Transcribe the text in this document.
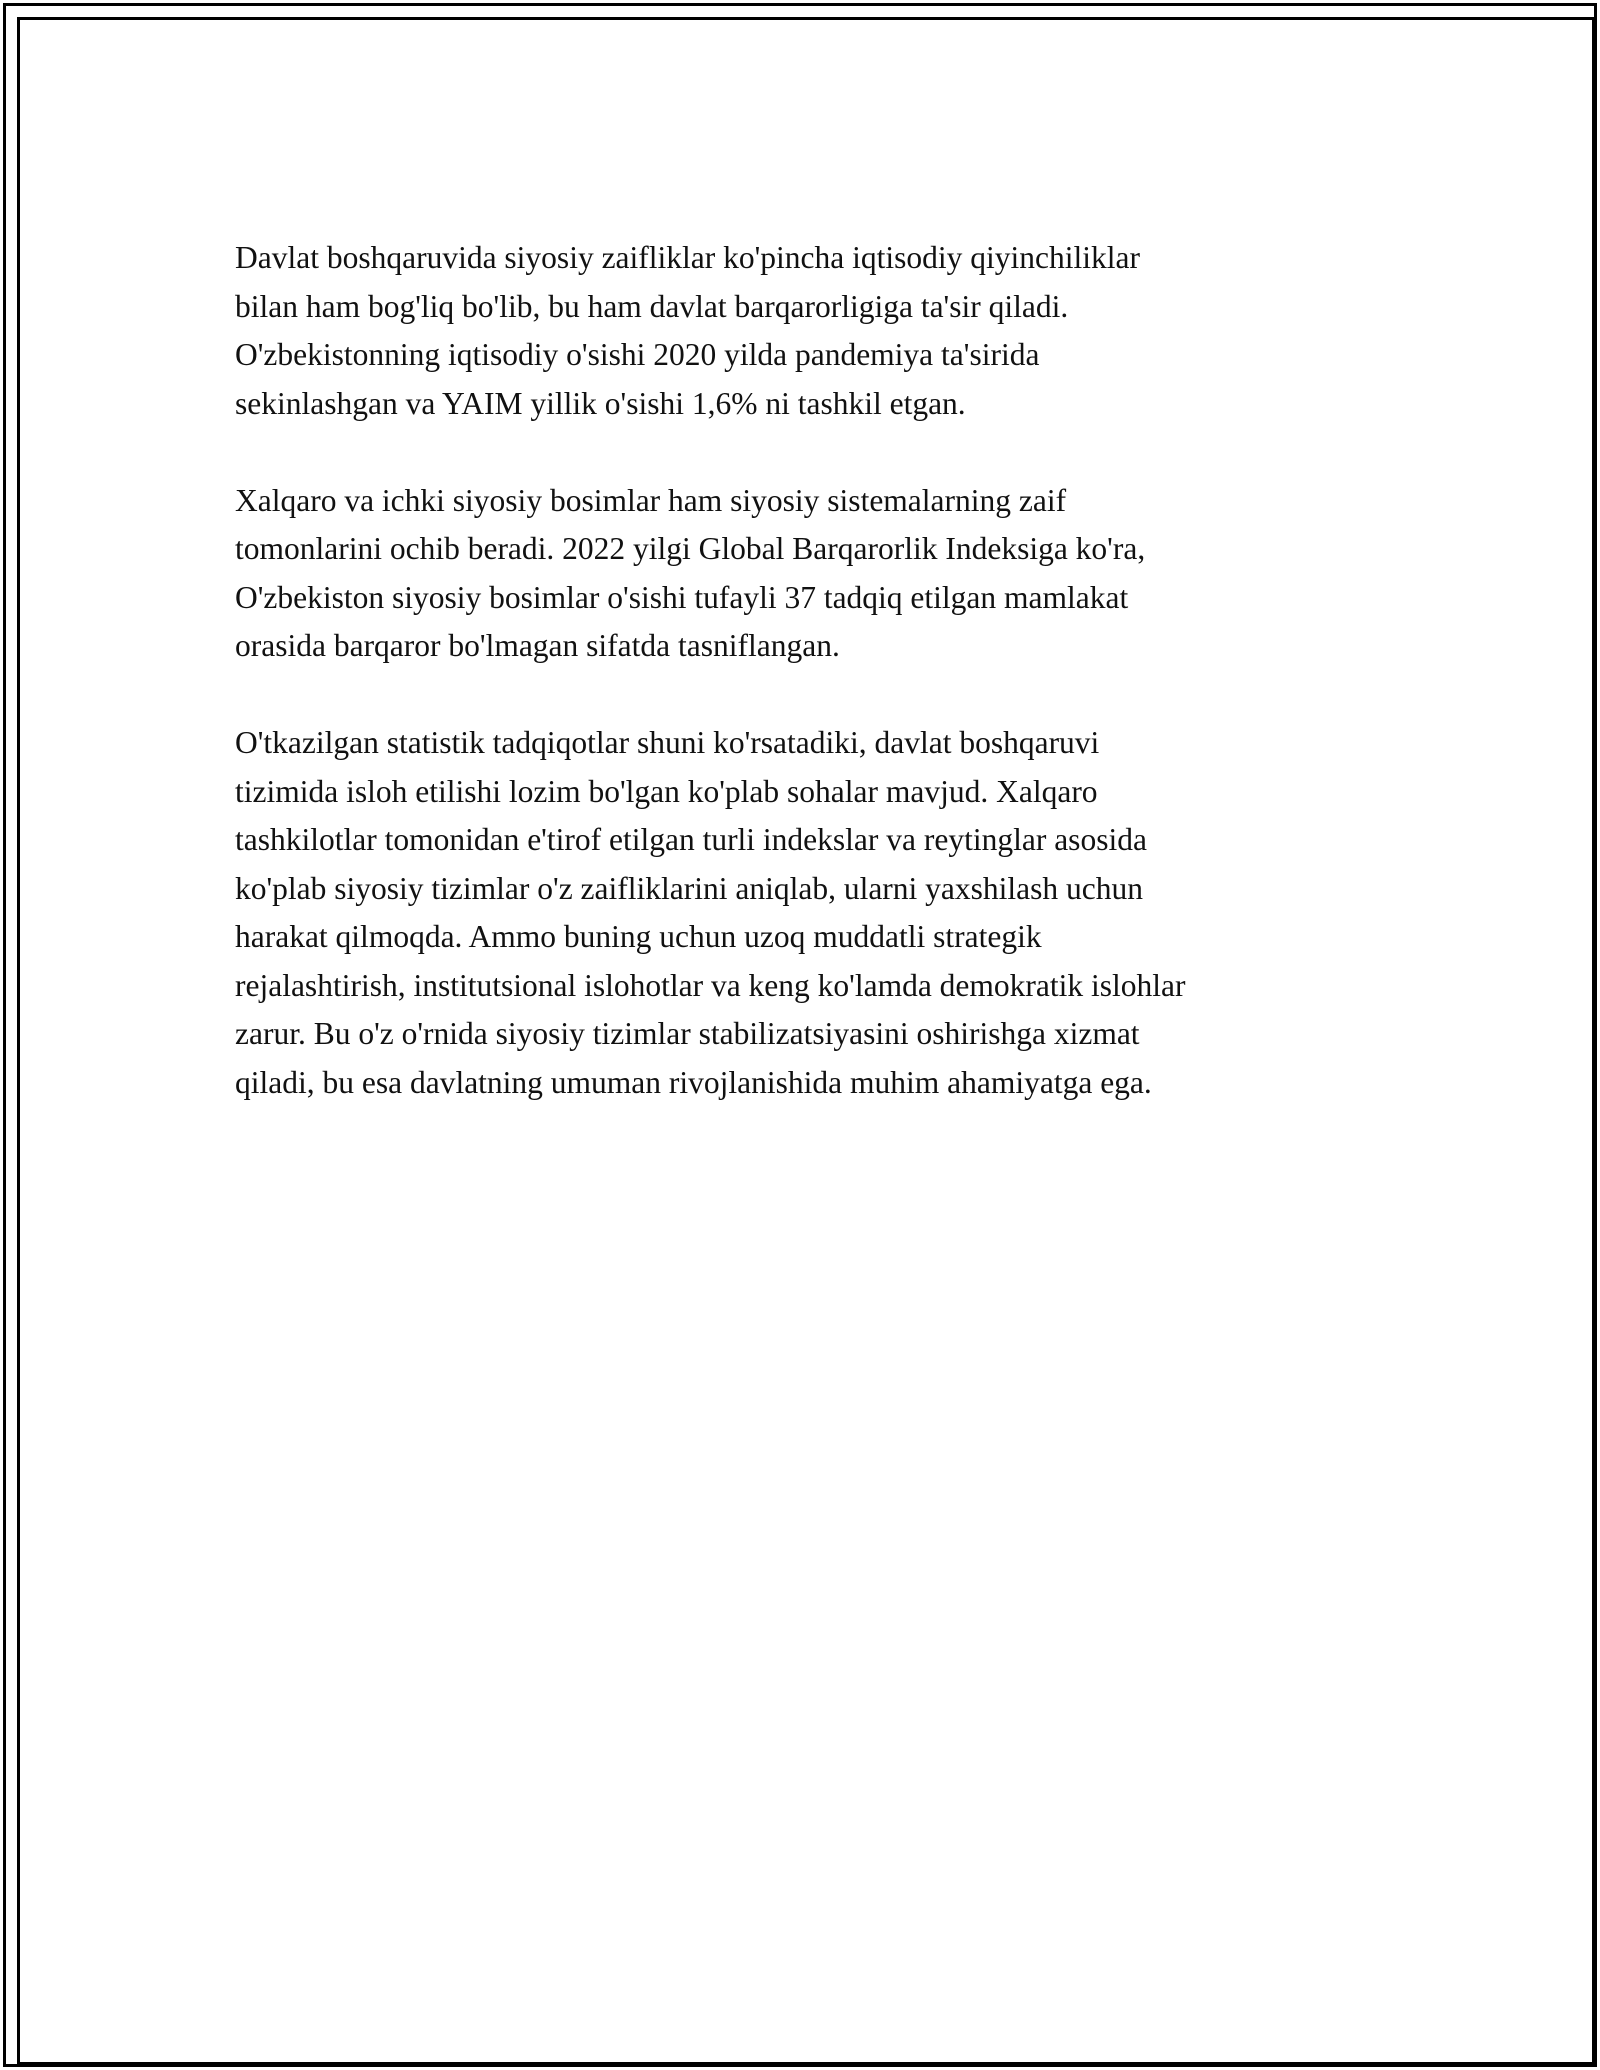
Davlat boshqaruvida siyosiy zaifliklar ko'pincha iqtisodiy qiyinchiliklar
bilan ham bog'liq bo'lib, bu ham davlat barqarorligiga ta'sir qiladi.
O'zbekistonning iqtisodiy o'sishi 2020 yilda pandemiya ta'sirida
sekinlashgan va YAIM yillik o'sishi 1,6% ni tashkil etgan.

Xalqaro va ichki siyosiy bosimlar ham siyosiy sistemalarning zaif
tomonlarini ochib beradi. 2022 yilgi Global Barqarorlik Indeksiga ko'ra,
O'zbekiston siyosiy bosimlar o'sishi tufayli 37 tadqiq etilgan mamlakat
orasida barqaror bo'lmagan sifatda tasniflangan.

O'tkazilgan statistik tadqiqotlar shuni ko'rsatadiki, davlat boshqaruvi
tizimida isloh etilishi lozim bo'lgan ko'plab sohalar mavjud. Xalqaro
tashkilotlar tomonidan e'tirof etilgan turli indekslar va reytinglar asosida
ko'plab siyosiy tizimlar o'z zaifliklarini aniqlab, ularni yaxshilash uchun
harakat qilmoqda. Ammo buning uchun uzoq muddatli strategik
rejalashtirish, institutsional islohotlar va keng ko'lamda demokratik islohlar
zarur. Bu o'z o'rnida siyosiy tizimlar stabilizatsiyasini oshirishga xizmat
qiladi, bu esa davlatning umuman rivojlanishida muhim ahamiyatga ega.
